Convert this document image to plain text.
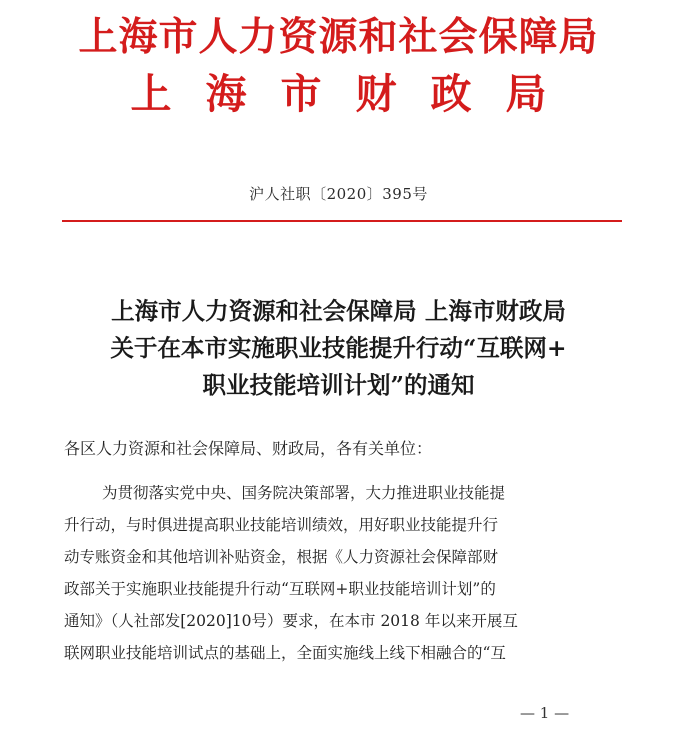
上海市人力资源和社会保障局
上海市财政局
沪人社职〔2020〕395号
上海市人力资源和社会保障局 上海市财政局
关于在本市实施职业技能提升行动“互联网+
职业技能培训计划”的通知
各区人力资源和社会保障局、财政局，各有关单位：
为贯彻落实党中央、国务院决策部署，大力推进职业技能提
升行动，与时俱进提高职业技能培训绩效，用好职业技能提升行
动专账资金和其他培训补贴资金，根据《人力资源社会保障部财
政部关于实施职业技能提升行动“互联网+职业技能培训计划”的
通知》（人社部发[2020]10号）要求，在本市 2018 年以来开展互
联网职业技能培训试点的基础上，全面实施线上线下相融合的“互
— 1 —
